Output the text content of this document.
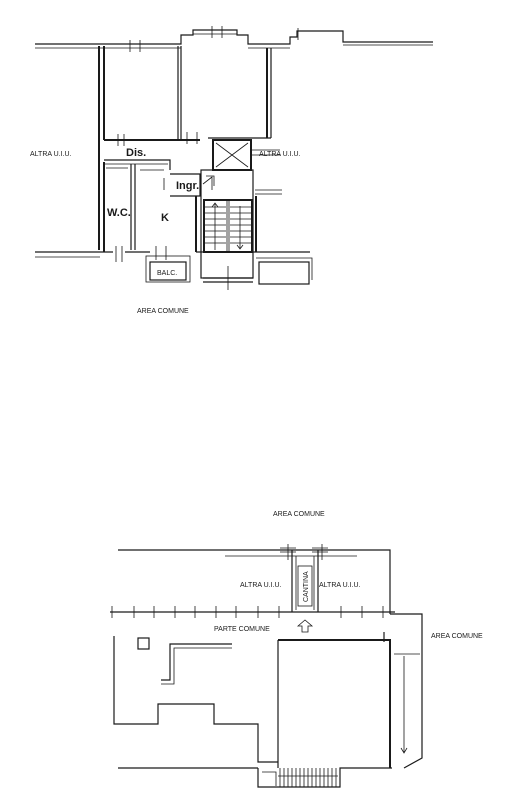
ALTRA U.I.U.	ALTRA U.I.U.
Dis.
Ingr.
W.C.	K
BALC.
AREA COMUNE
AREA COMUNE
CANTINA
ALTRA U.I.U.	ALTRA U.I.U.
PARTE COMUNE
AREA COMUNE
